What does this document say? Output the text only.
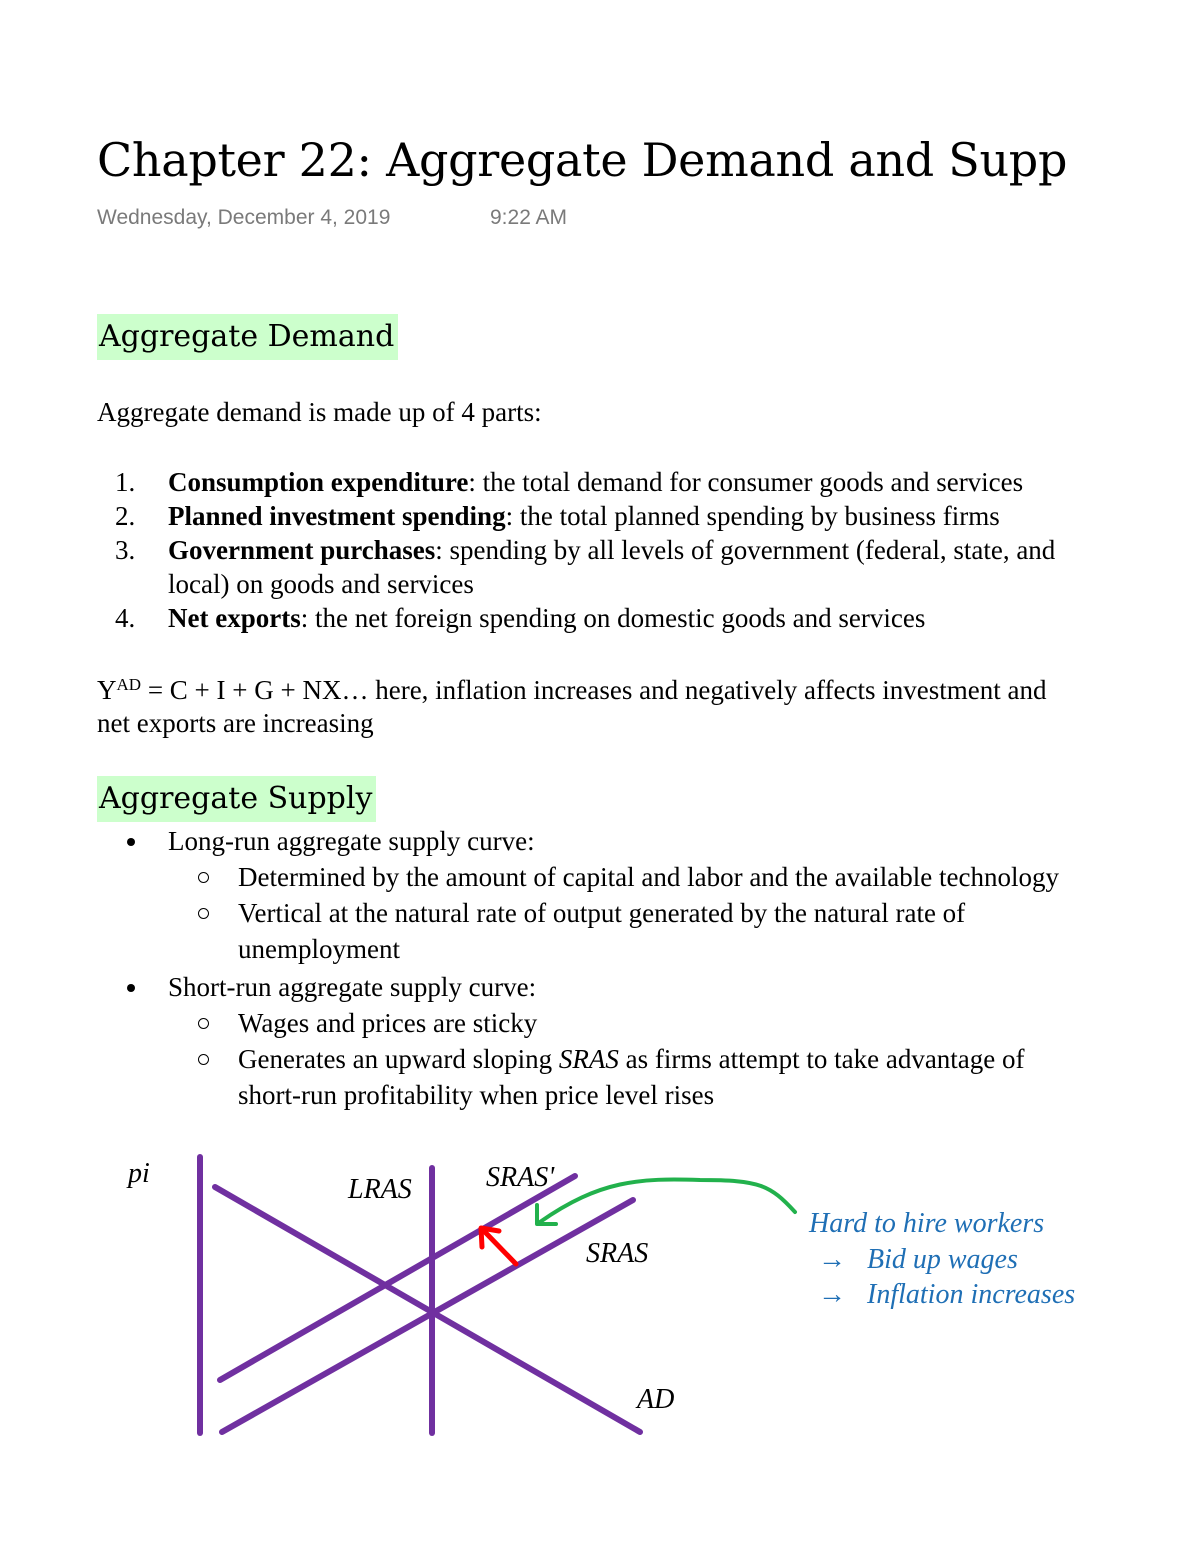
Chapter 22: Aggregate Demand and Supp
Wednesday, December 4, 2019	9:22 AM
Aggregate Demand

Aggregate demand is made up of 4 parts:

1. Consumption expenditure: the total demand for consumer goods and services
2. Planned investment spending: the total planned spending by business firms
3. Government purchases: spending by all levels of government (federal, state, and
local) on goods and services
4. Net exports: the net foreign spending on domestic goods and services

$Y^{AD} = C + I + G$ + NX… here, inflation increases and negatively affects investment and
net exports are increasing

Aggregate Supply
Long-run aggregate supply curve:
Determined by the amount of capital and labor and the available technology
Vertical at the natural rate of output generated by the natural rate of
unemployment
Short-run aggregate supply curve:
Wages and prices are sticky
Generates an upward sloping SRAS as firms attempt to take advantage of
short-run profitability when price level rises
pi
LRAS	SRAS'
SRAS
AD
Hard to hire workers
→   Bid up wages
→   Inflation increases
